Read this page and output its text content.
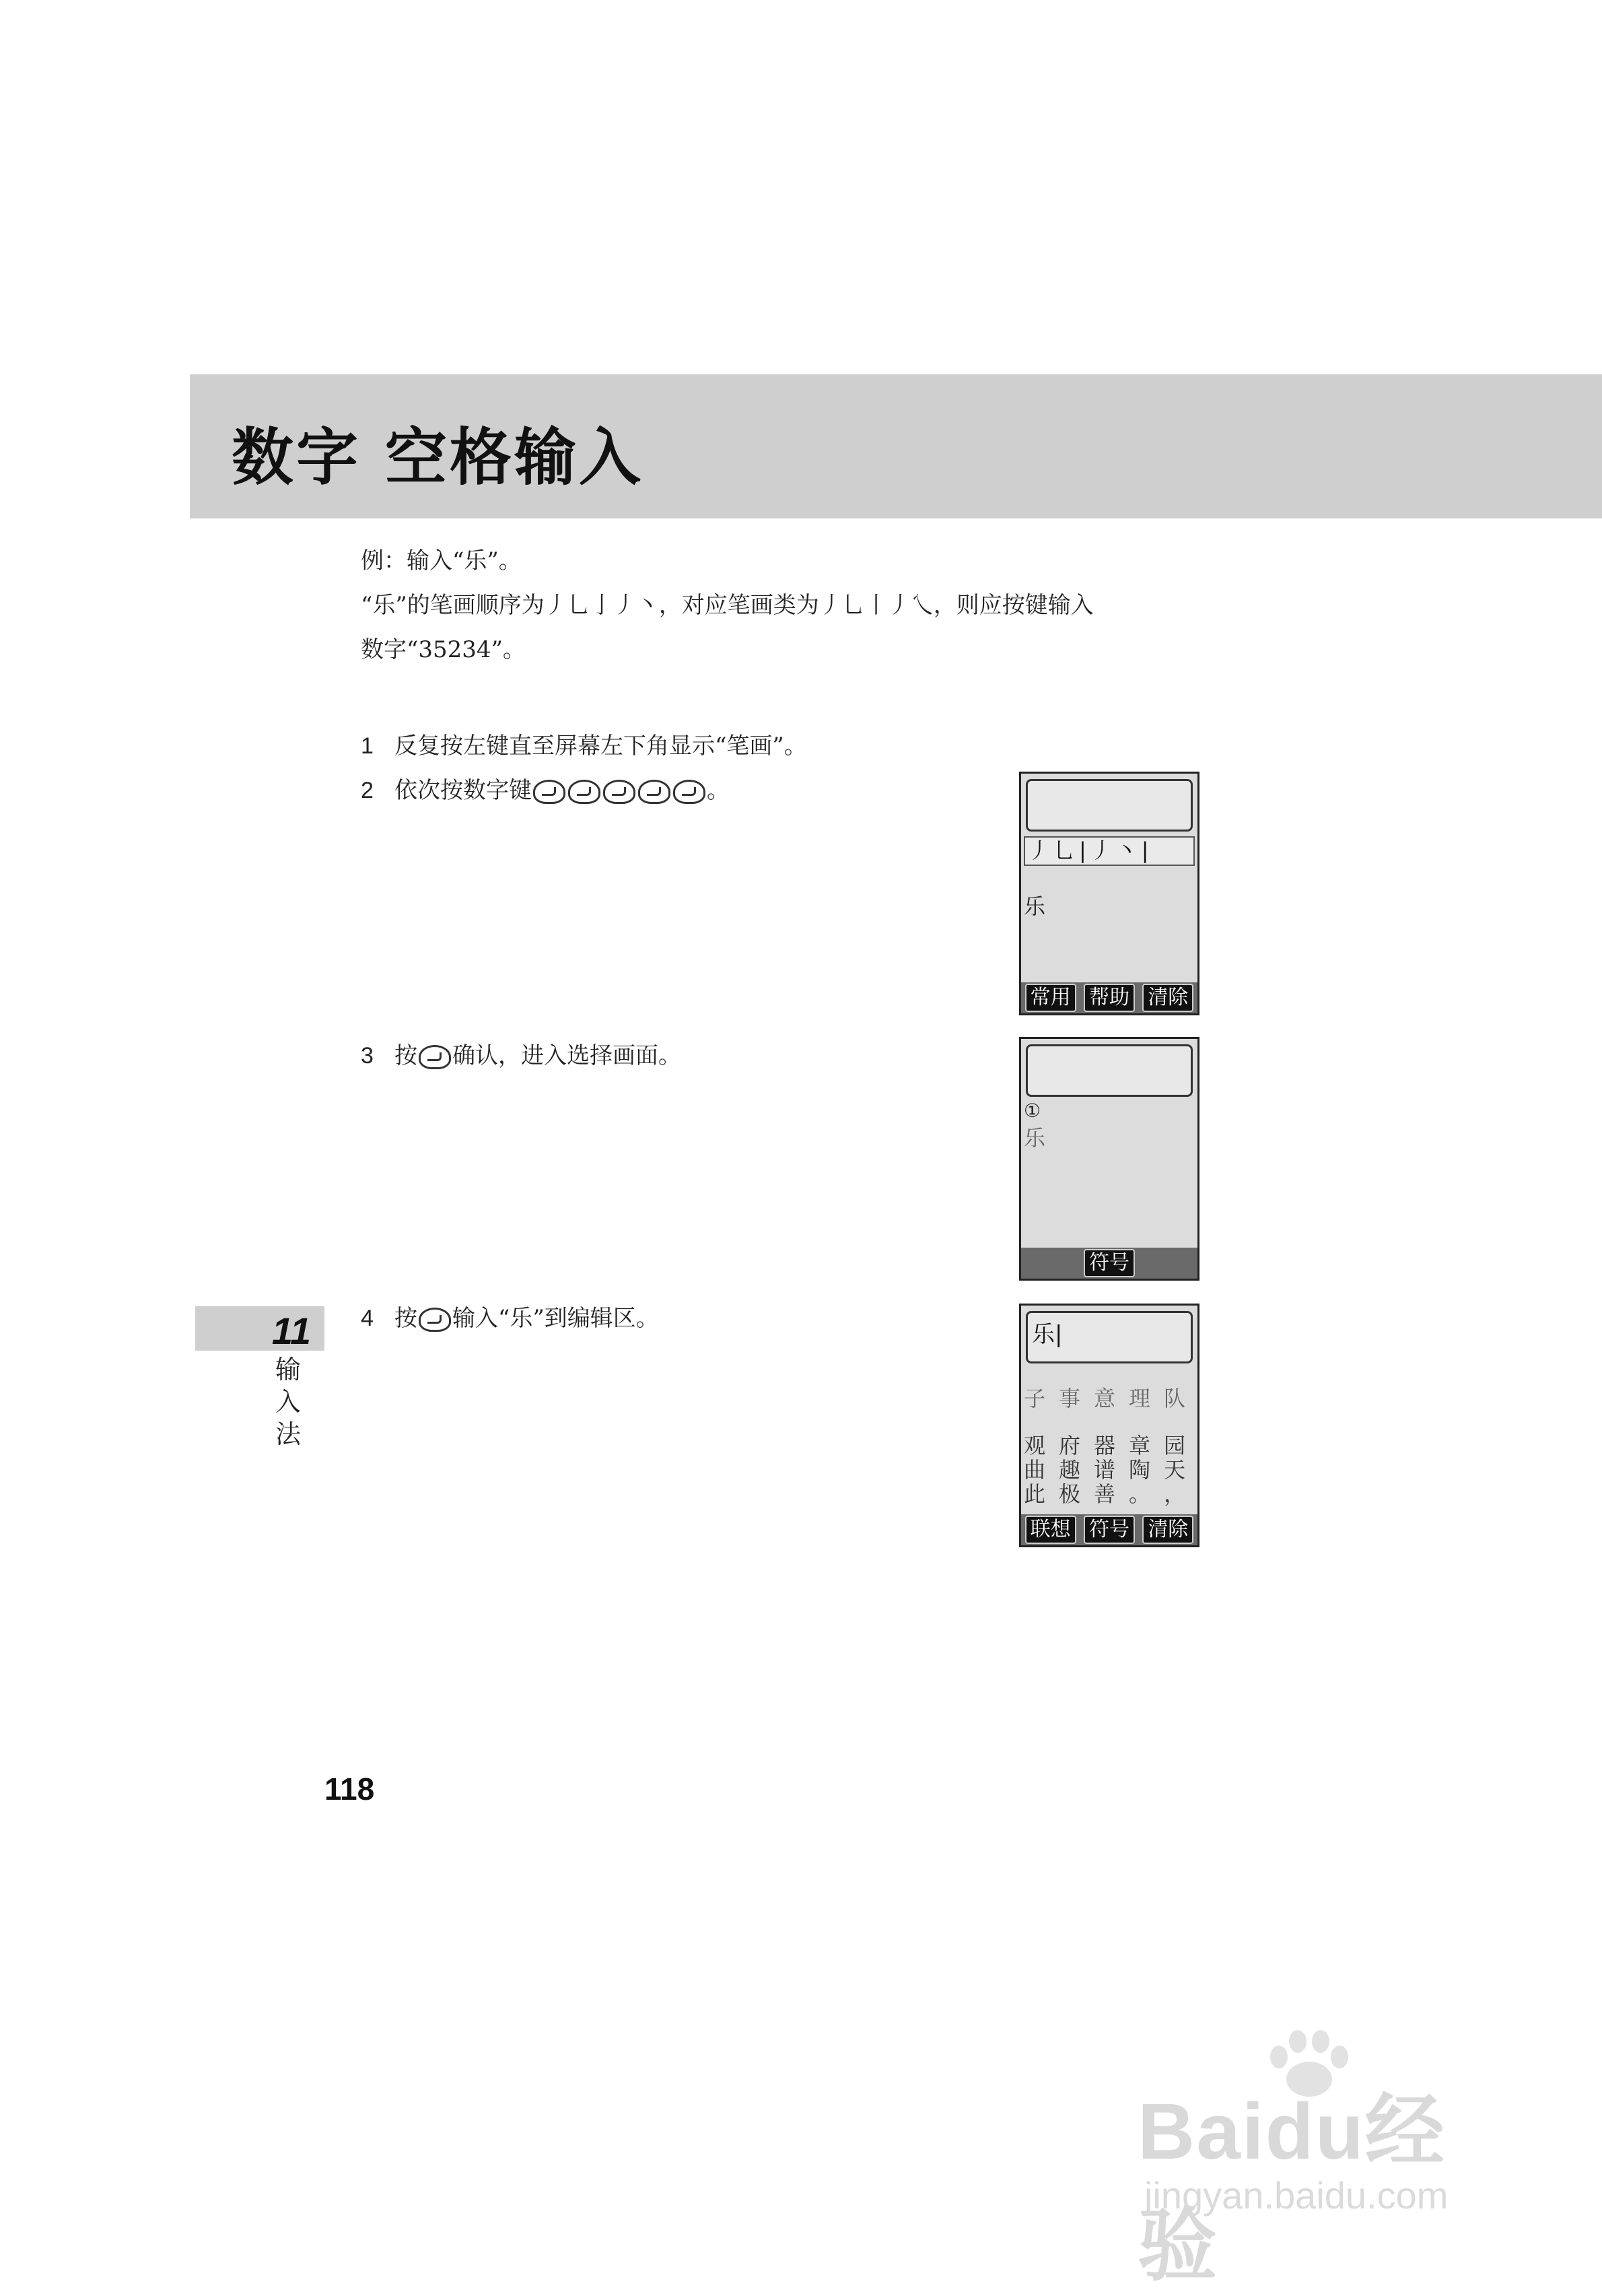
数字 空格输入

例：输入“乐”。

“乐”的笔画顺序为丿乚亅丿丶，对应笔画类为丿乚丨丿乀，则应按键输入

数字“35234”。

1 反复按左键直至屏幕左下角显示“笔画”。
2 依次按数字键	。
3 按 确认，进入选择画面。
4 按 输入“乐”到编辑区。
丿乚|丿丶|
乐
常用 帮助 清除
①
乐
符号
乐|
子 事 意 理 队
观 府 器 章 园
曲 趣 谱 陶 天
此 极 善 。 ，
联想 符号 清除
11
输
入
法
118
Baidu经验
jingyan.baidu.com
